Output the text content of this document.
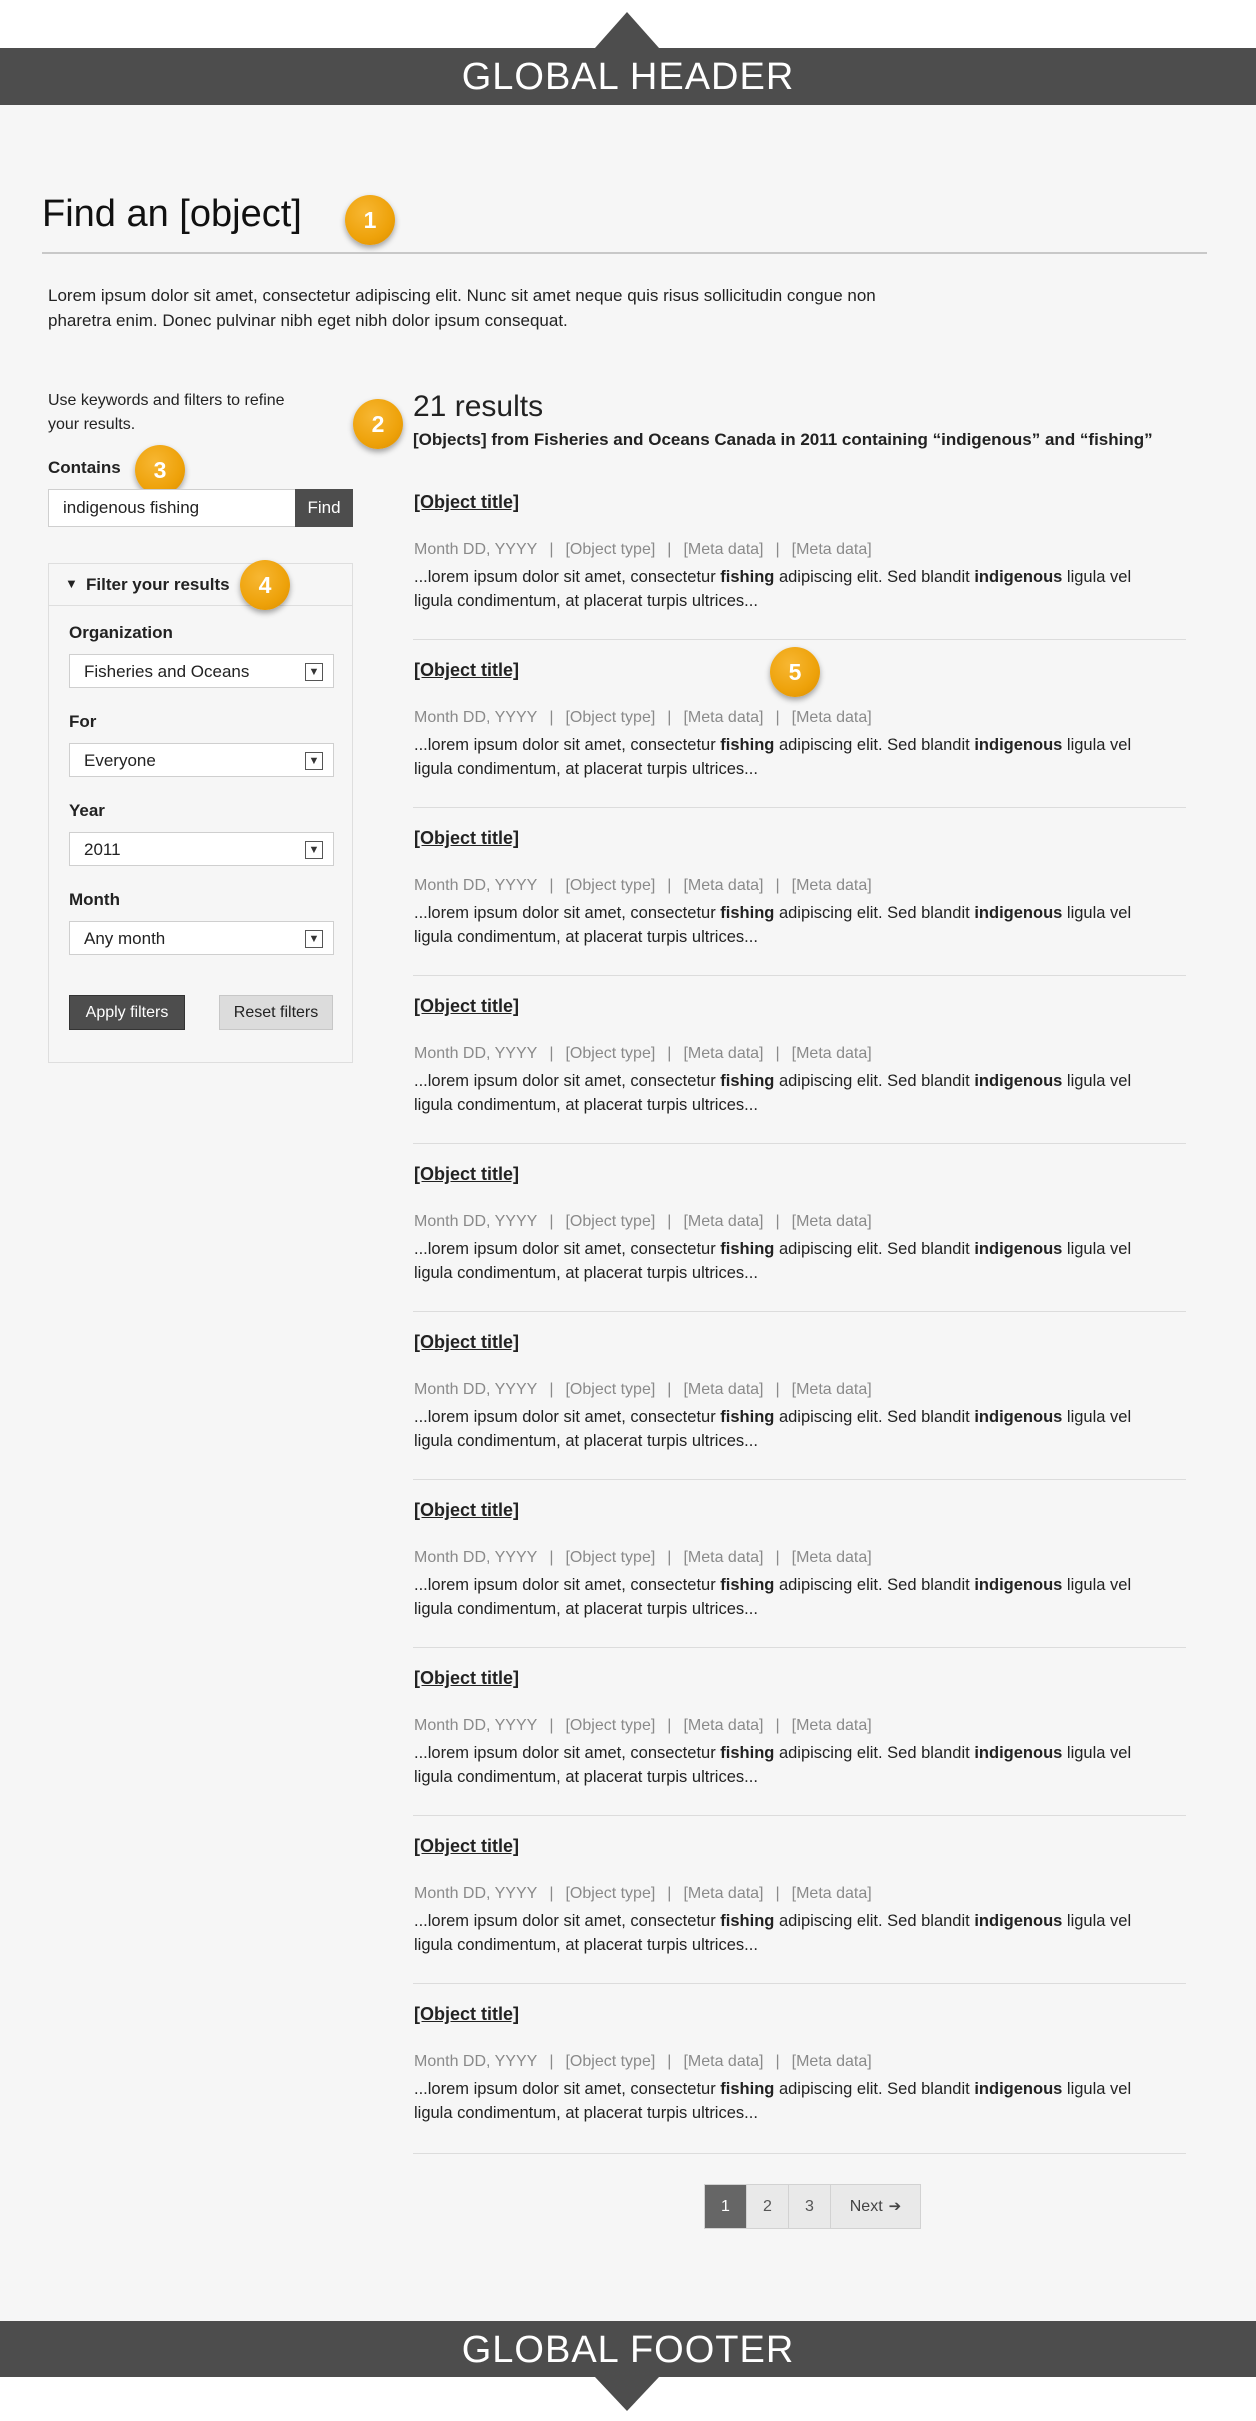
GLOBAL HEADER
Find an [object]	1

Lorem ipsum dolor sit amet, consectetur adipiscing elit. Nunc sit amet neque quis risus sollicitudin congue non pharetra enim. Donec pulvinar nibh eget nibh dolor ipsum consequat.

Use keywords and filters to refine your results.

Contains	3
indigenous fishing	Find
▼ Filter your results
Organization
Fisheries and Oceans	▼
For
Everyone	▼
Year
2011	▼
Month
Any month	▼
Apply filters	Reset filters
4
2
21 results
[Objects] from Fisheries and Oceans Canada in 2011 containing “indigenous” and “fishing”
[Object title]
Month DD, YYYY | [Object type] | [Meta data] | [Meta data]

...lorem ipsum dolor sit amet, consectetur fishing adipiscing elit. Sed blandit indigenous ligula vel ligula condimentum, at placerat turpis ultrices...

[Object title]
Month DD, YYYY | [Object type] | [Meta data] | [Meta data]

...lorem ipsum dolor sit amet, consectetur fishing adipiscing elit. Sed blandit indigenous ligula vel ligula condimentum, at placerat turpis ultrices...

[Object title]
Month DD, YYYY | [Object type] | [Meta data] | [Meta data]

...lorem ipsum dolor sit amet, consectetur fishing adipiscing elit. Sed blandit indigenous ligula vel ligula condimentum, at placerat turpis ultrices...

[Object title]
Month DD, YYYY | [Object type] | [Meta data] | [Meta data]

...lorem ipsum dolor sit amet, consectetur fishing adipiscing elit. Sed blandit indigenous ligula vel ligula condimentum, at placerat turpis ultrices...

[Object title]
Month DD, YYYY | [Object type] | [Meta data] | [Meta data]

...lorem ipsum dolor sit amet, consectetur fishing adipiscing elit. Sed blandit indigenous ligula vel ligula condimentum, at placerat turpis ultrices...

[Object title]
Month DD, YYYY | [Object type] | [Meta data] | [Meta data]

...lorem ipsum dolor sit amet, consectetur fishing adipiscing elit. Sed blandit indigenous ligula vel ligula condimentum, at placerat turpis ultrices...

[Object title]
Month DD, YYYY | [Object type] | [Meta data] | [Meta data]

...lorem ipsum dolor sit amet, consectetur fishing adipiscing elit. Sed blandit indigenous ligula vel ligula condimentum, at placerat turpis ultrices...

[Object title]
Month DD, YYYY | [Object type] | [Meta data] | [Meta data]

...lorem ipsum dolor sit amet, consectetur fishing adipiscing elit. Sed blandit indigenous ligula vel ligula condimentum, at placerat turpis ultrices...

[Object title]
Month DD, YYYY | [Object type] | [Meta data] | [Meta data]

...lorem ipsum dolor sit amet, consectetur fishing adipiscing elit. Sed blandit indigenous ligula vel ligula condimentum, at placerat turpis ultrices...

[Object title]
Month DD, YYYY | [Object type] | [Meta data] | [Meta data]

...lorem ipsum dolor sit amet, consectetur fishing adipiscing elit. Sed blandit indigenous ligula vel ligula condimentum, at placerat turpis ultrices...

5
1	2	3	Next ➔
GLOBAL FOOTER
